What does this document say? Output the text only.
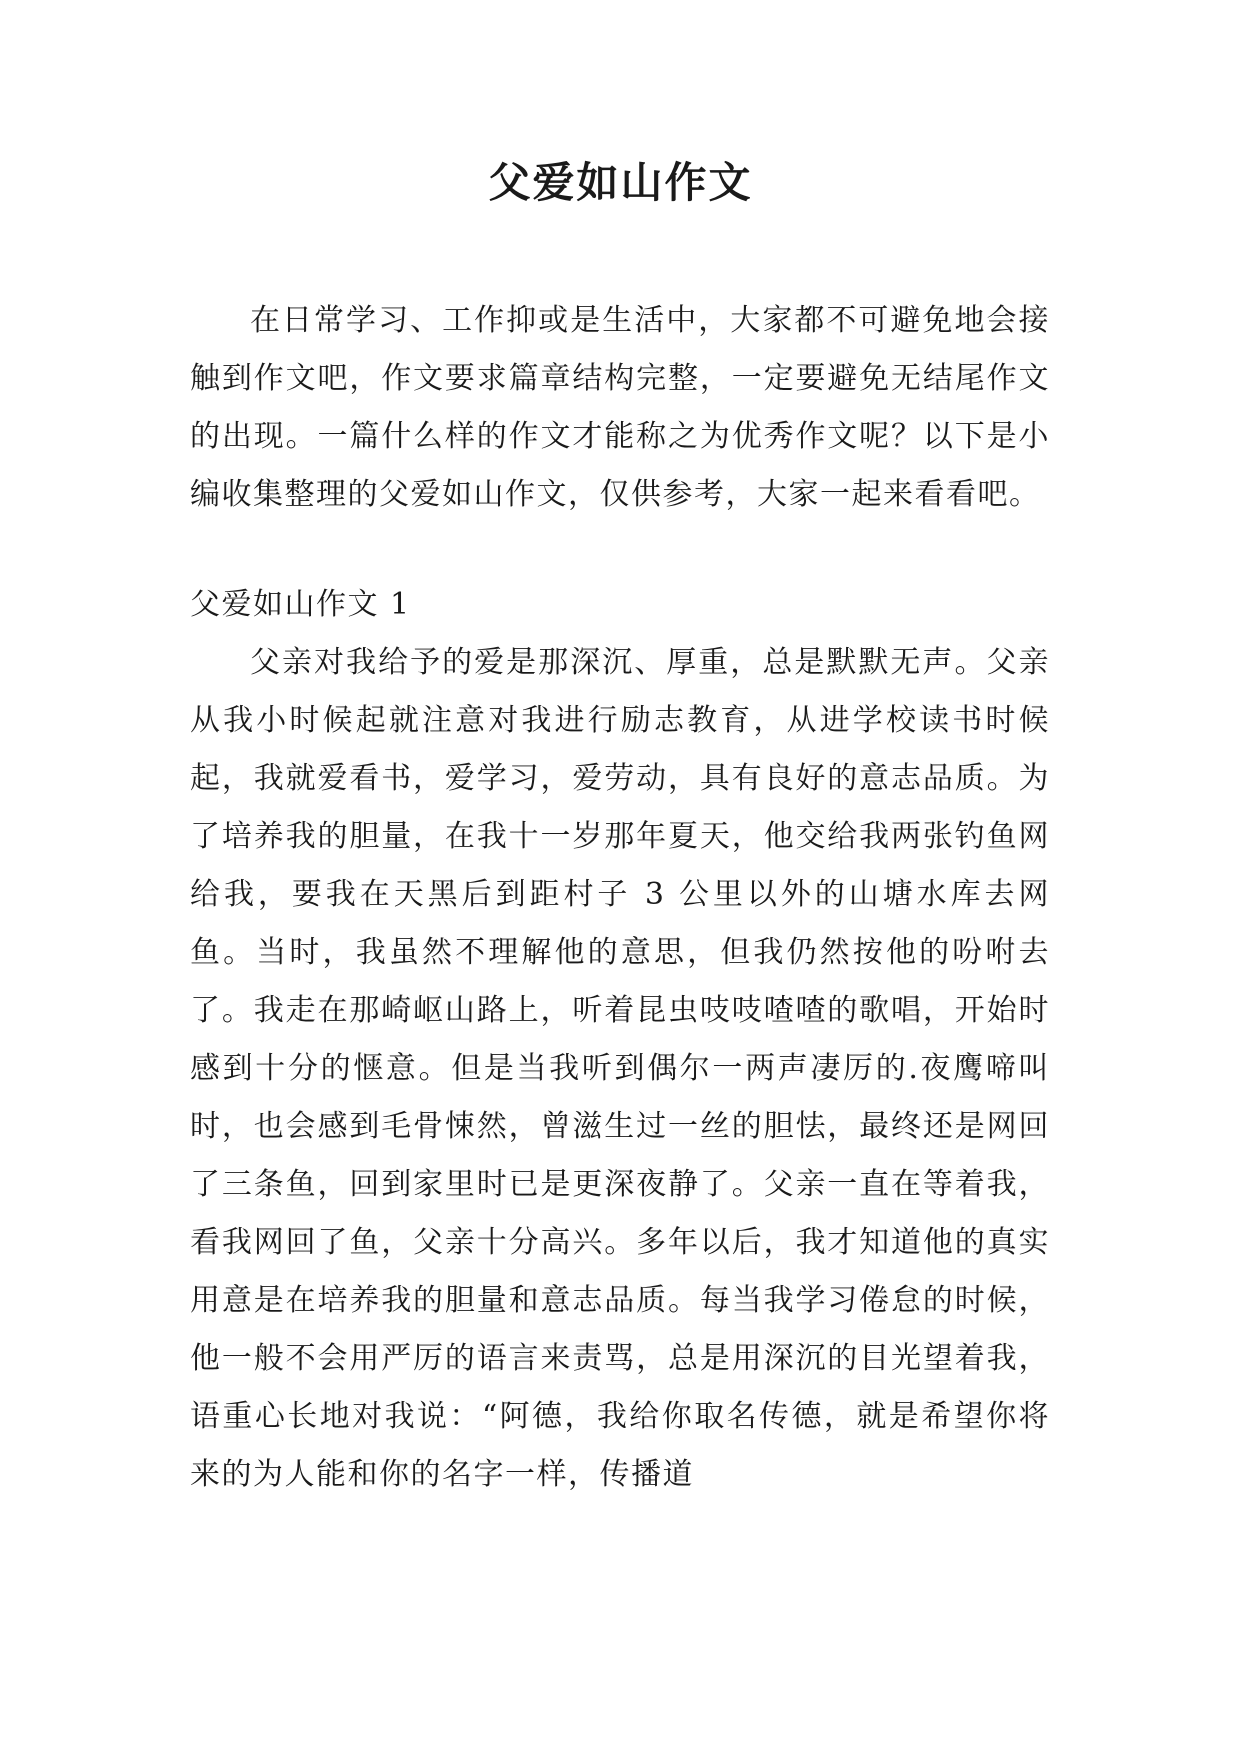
父爱如山作文

在日常学习、工作抑或是生活中，大家都不可避免地会接触到作文吧，作文要求篇章结构完整，一定要避免无结尾作文的出现。一篇什么样的作文才能称之为优秀作文呢？以下是小编收集整理的父爱如山作文，仅供参考，大家一起来看看吧。

父爱如山作文 1

父亲对我给予的爱是那深沉、厚重，总是默默无声。父亲从我小时候起就注意对我进行励志教育，从进学校读书时候起，我就爱看书，爱学习，爱劳动，具有良好的意志品质。为了培养我的胆量，在我十一岁那年夏天，他交给我两张钓鱼网给我，要我在天黑后到距村子 3 公里以外的山塘水库去网鱼。当时，我虽然不理解他的意思，但我仍然按他的吩咐去了。我走在那崎岖山路上，听着昆虫吱吱喳喳的歌唱，开始时感到十分的惬意。但是当我听到偶尔一两声凄厉的.夜鹰啼叫时，也会感到毛骨悚然，曾滋生过一丝的胆怯，最终还是网回了三条鱼，回到家里时已是更深夜静了。父亲一直在等着我，看我网回了鱼，父亲十分高兴。多年以后，我才知道他的真实用意是在培养我的胆量和意志品质。每当我学习倦怠的时候，他一般不会用严厉的语言来责骂，总是用深沉的目光望着我，语重心长地对我说：“阿德，我给你取名传德，就是希望你将来的为人能和你的名字一样，传播道
